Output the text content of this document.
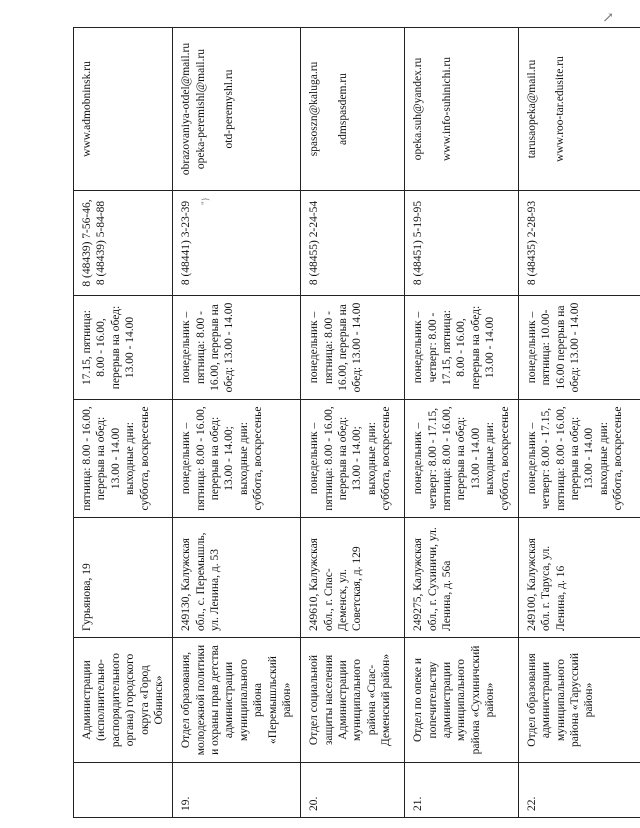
↗
	Администрации (исполнительно-распорядительного органа) городского округа «Город Обнинск»	Гурьянова, 19	пятница: 8.00 - 16.00, перерыв на обед: 13.00 - 14.00 выходные дни: суббота, воскресенье	17.15, пятница: 8.00 - 16.00, перерыв на обед: 13.00 - 14.00	8 (48439) 7-56-46, 8 (48439) 5-84-88	www.admobninsk.ru

19.	Отдел образования, молодежной политики и охраны прав детства администрации муниципального района «Перемышльский район»	249130, Калужская обл., с. Перемышль, ул. Ленина, д. 53	понедельник – пятница: 8.00 - 16.00, перерыв на обед: 13.00 - 14.00; выходные дни: суббота, воскресенье	понедельник – пятница: 8.00 - 16.00, перерыв на обед: 13.00 - 14.00	8 (48441) 3-23-39 "}	obrazovaniya-otdel@mail.ru opeka-peremishl@mail.ru otd-peremyshl.ru

20.	Отдел социальной защиты населения Администрации муниципального района «Спас-Деменский район»	249610, Калужская обл., г. Спас-Деменск, ул. Советская, д. 129	понедельник – пятница: 8.00 - 16.00, перерыв на обед: 13.00 - 14.00; выходные дни: суббота, воскресенье	понедельник – пятница: 8.00 - 16.00, перерыв на обед: 13.00 - 14.00	8 (48455) 2-24-54	spasoszn@kaluga.ru admspasdem.ru

21.	Отдел по опеке и попечительству администрации муниципального района «Сухиничский район»	249275, Калужская обл., г. Сухиничи, ул. Ленина, д. 56а	понедельник – четверг: 8.00 - 17.15, пятница: 8.00 - 16.00, перерыв на обед: 13.00 - 14.00 выходные дни: суббота, воскресенье	понедельник – четверг: 8.00 - 17.15, пятница: 8.00 - 16.00, перерыв на обед: 13.00 - 14.00	8 (48451) 5-19-95	opeka.suh@yandex.ru www.info-suhinichi.ru

22.	Отдел образования администрации муниципального района «Тарусский район»	249100, Калужская обл. г. Таруса, ул. Ленина, д. 16	понедельник – четверг: 8.00 - 17.15, пятница: 8.00 - 16.00, перерыв на обед: 13.00 - 14.00 выходные дни: суббота, воскресенье	понедельник – пятница: 10.00-16.00 перерыв на обед: 13.00 - 14.00	8 (48435) 2-28-93	tarusaopeka@mail.ru www.roo-tar.edusite.ru
